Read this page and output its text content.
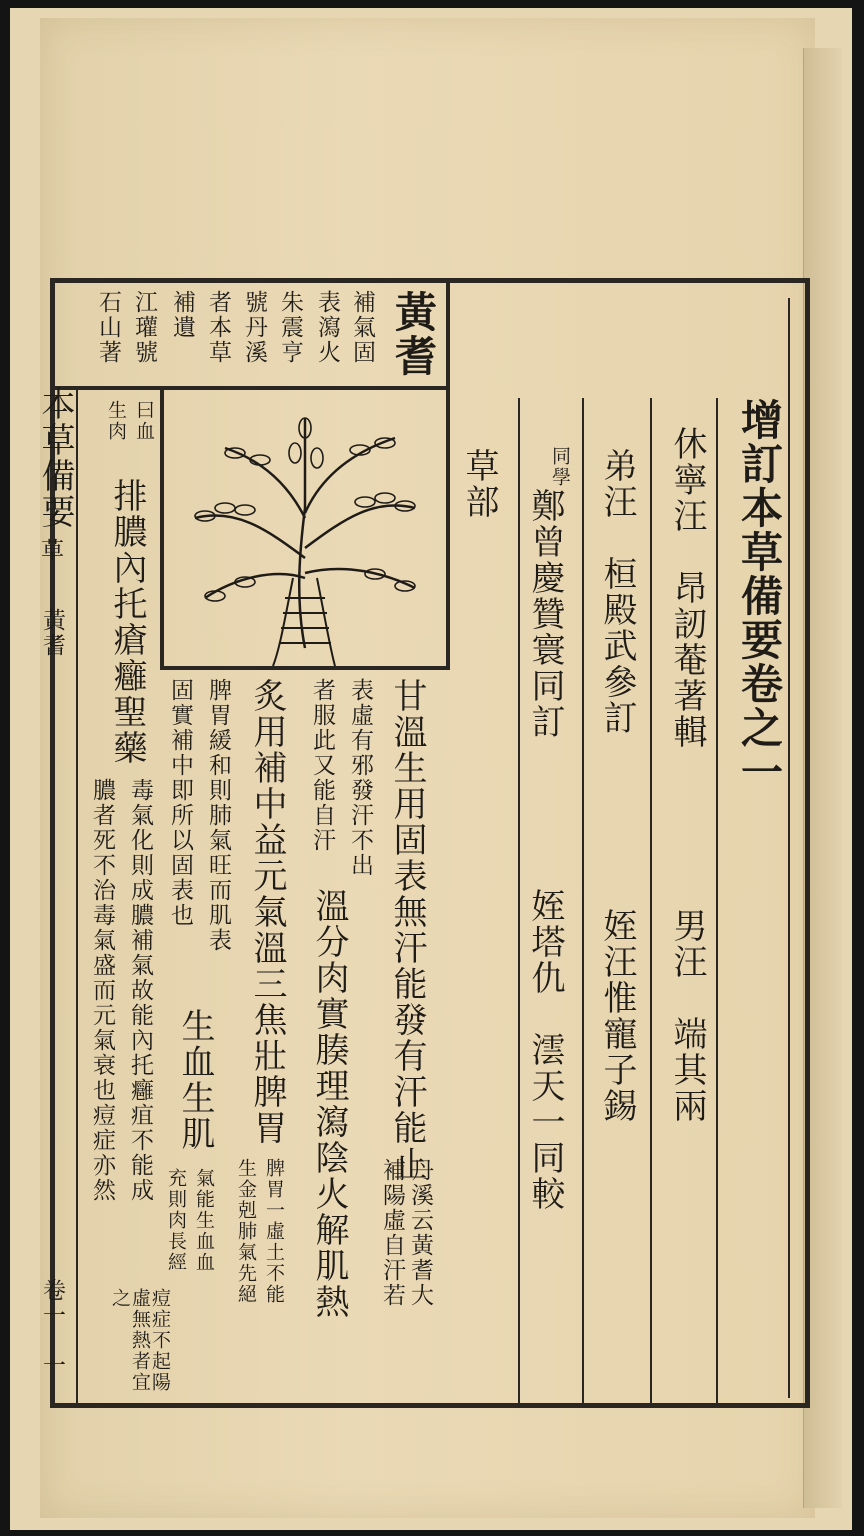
增訂本草備要卷之一
休寧汪　昂訒菴著輯
男汪　端其兩
弟汪　桓殿武參訂
姪汪惟寵子錫
同學
鄭曾慶贊寰同訂
姪塔仇　澐天一同較
草部
黃耆
補氣固
表瀉火
朱震亨
號丹溪
者本草
補遺
江瓘號
石山著
本草備要
草
黃耆
卷一　一
甘溫生用固表無汗能發有汗能止
丹溪云黃耆大
補陽虛自汗若
表虛有邪發汗不出
者服此又能自汗
溫分肉實腠理瀉陰火解肌熱
炙用補中益元氣溫三焦壯脾胃
生金剋肺氣先絕 脾胃一虛土不能
脾胃緩和則肺氣旺而肌表
固實補中即所以固表也
生血生肌
氣能生血血
充則肉長經
曰血
生肉
排膿內托瘡癰聖藥
痘症不起陽
虛無熱者宜
之
毒氣化則成膿補氣故能內托癰疽不能成
膿者死不治毒氣盛而元氣衰也痘症亦然
